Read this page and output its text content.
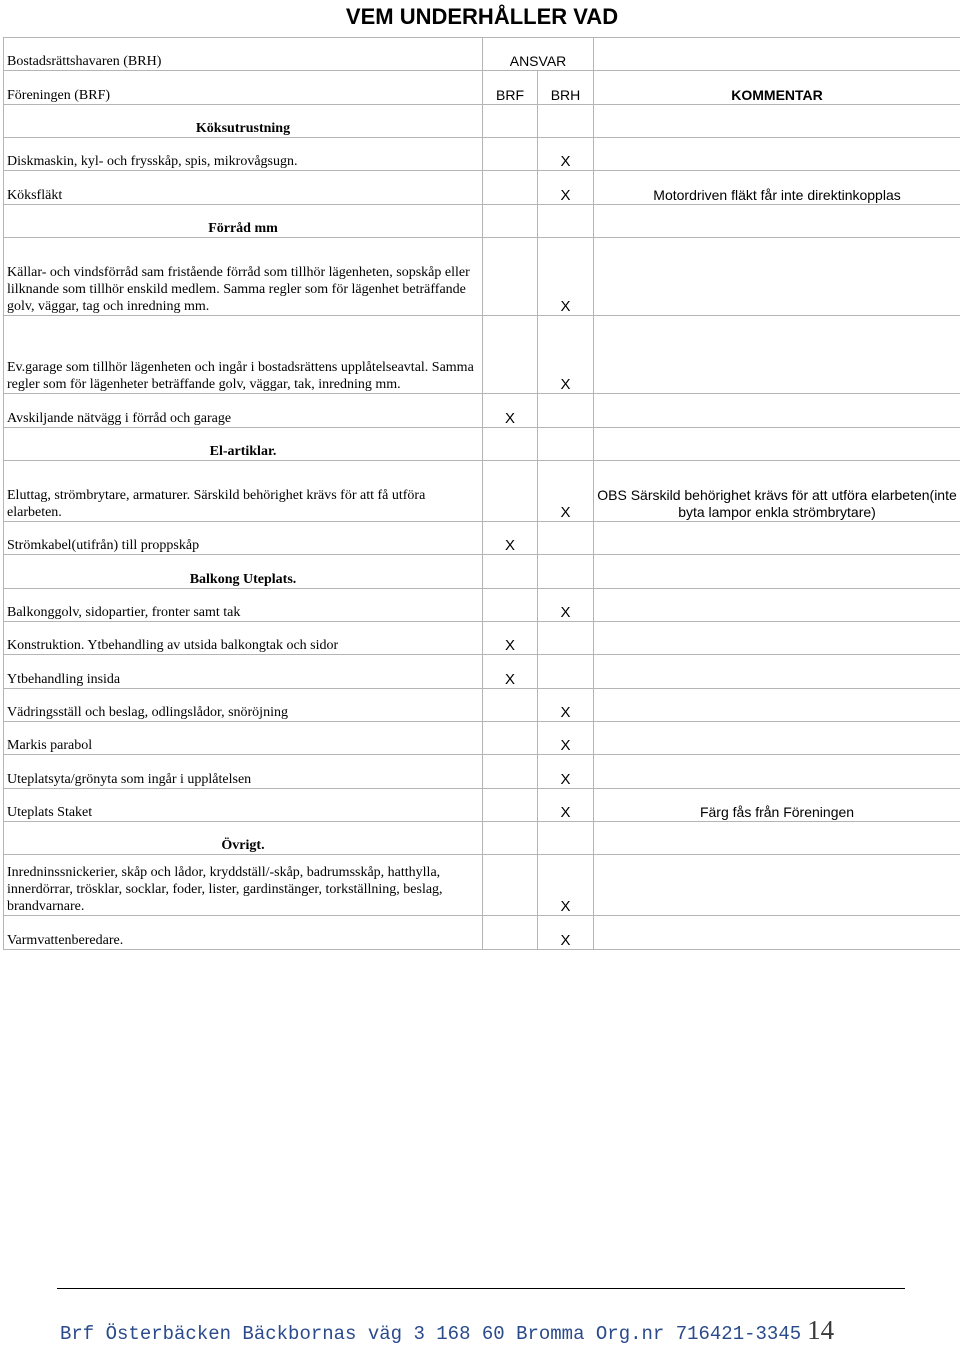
VEM UNDERHÅLLER VAD
Bostadsrättshavaren (BRH)	ANSVAR		
Föreningen (BRF)	BRF	BRH	KOMMENTAR
Köksutrustning			
Diskmaskin, kyl- och frysskåp, spis, mikrovågsugn.		X	
Köksfläkt		X	Motordriven fläkt får inte direktinkopplas
Förråd mm			
Källar- och vindsförråd sam fristående förråd som tillhör lägenheten, sopskåp eller lilknande som tillhör enskild medlem. Samma regler som för lägenhet beträffande golv, väggar, tag och inredning mm.		X	
Ev.garage som tillhör lägenheten och ingår i bostadsrättens upplåtelseavtal. Samma regler som för lägenheter beträffande golv, väggar, tak, inredning mm.		X	
Avskiljande nätvägg i förråd och garage	X		
El-artiklar.			
Eluttag, strömbrytare, armaturer. Särskild behörighet krävs för att få utföra elarbeten.		X	OBS Särskild behörighet krävs för att utföra elarbeten(inte byta lampor enkla strömbrytare)
Strömkabel(utifrån) till proppskåp	X		
Balkong Uteplats.			
Balkonggolv, sidopartier, fronter samt tak		X	
Konstruktion. Ytbehandling av utsida balkongtak och sidor	X		
Ytbehandling insida	X		
Vädringsställ och beslag, odlingslådor, snöröjning		X	
Markis parabol		X	
Uteplatsyta/grönyta som ingår i upplåtelsen		X	
Uteplats Staket		X	Färg fås från Föreningen
Övrigt.			
Inredninssnickerier, skåp och lådor, kryddställ/-skåp, badrumsskåp, hatthylla, innerdörrar, trösklar, socklar, foder, lister, gardinstänger, torkställning, beslag, brandvarnare.		X	
Varmvattenberedare.		X	
Brf Österbäcken Bäckbornas väg 3 168 60 Bromma Org.nr 716421-3345 14
